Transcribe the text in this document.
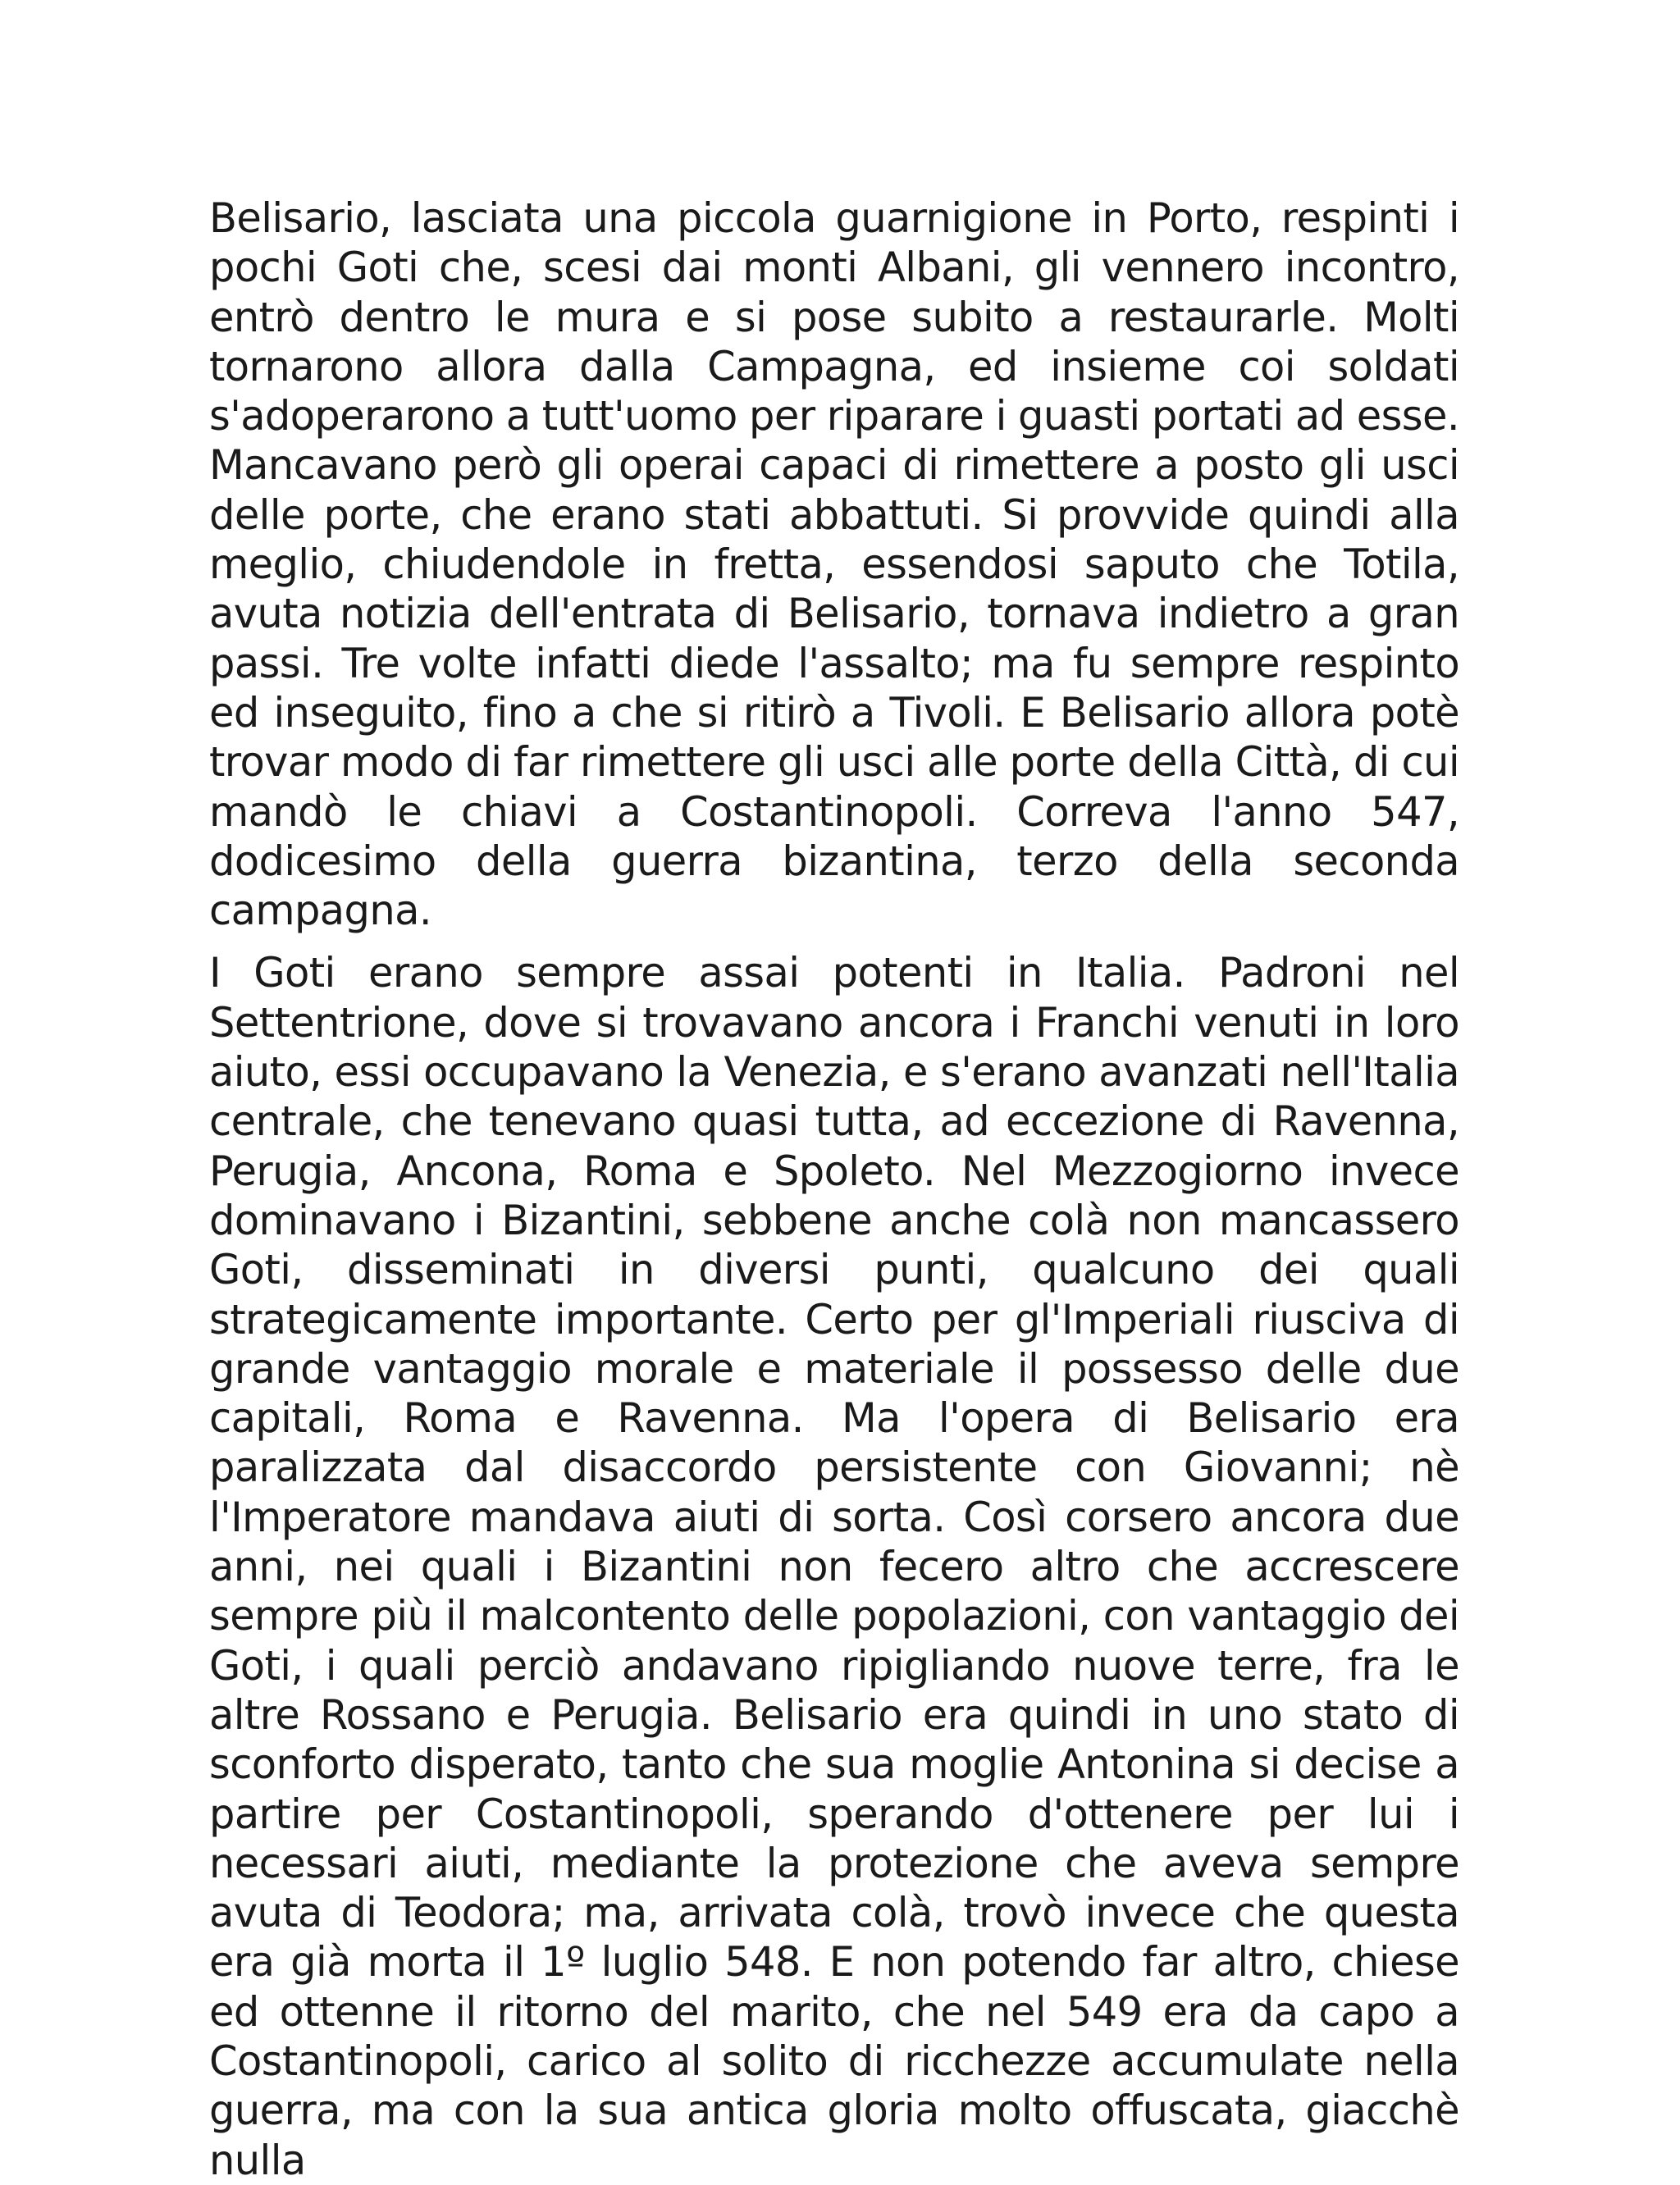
Belisario, lasciata una piccola guarnigione in Porto, respinti i pochi Goti che, scesi dai monti Albani, gli vennero incontro, entrò dentro le mura e si pose subito a restaurarle. Molti tornarono allora dalla Campagna, ed insieme coi soldati s'adoperarono a tutt'uomo per riparare i guasti portati ad esse. Mancavano però gli operai capaci di rimettere a posto gli usci delle porte, che erano stati abbattuti. Si provvide quindi alla meglio, chiudendole in fretta, essendosi saputo che Totila, avuta notizia dell'entrata di Belisario, tornava indietro a gran passi. Tre volte infatti diede l'assalto; ma fu sempre respinto ed inseguito, fino a che si ritirò a Tivoli. E Belisario allora potè trovar modo di far rimettere gli usci alle porte della Città, di cui mandò le chiavi a Costantinopoli. Correva l'anno 547, dodicesimo della guerra bizantina, terzo della seconda campagna.

I Goti erano sempre assai potenti in Italia. Padroni nel Settentrione, dove si trovavano ancora i Franchi venuti in loro aiuto, essi occupavano la Venezia, e s'erano avanzati nell'Italia centrale, che tenevano quasi tutta, ad eccezione di Ravenna, Perugia, Ancona, Roma e Spoleto. Nel Mezzogiorno invece dominavano i Bizantini, sebbene anche colà non mancassero Goti, disseminati in diversi punti, qualcuno dei quali strategicamente importante. Certo per gl'Imperiali riusciva di grande vantaggio morale e materiale il possesso delle due capitali, Roma e Ravenna. Ma l'opera di Belisario era paralizzata dal disaccordo persistente con Giovanni; nè l'Imperatore mandava aiuti di sorta. Così corsero ancora due anni, nei quali i Bizantini non fecero altro che accrescere sempre più il malcontento delle popolazioni, con vantaggio dei Goti, i quali perciò andavano ripigliando nuove terre, fra le altre Rossano e Perugia. Belisario era quindi in uno stato di sconforto disperato, tanto che sua moglie Antonina si decise a partire per Costantinopoli, sperando d'ottenere per lui i necessari aiuti, mediante la protezione che aveva sempre avuta di Teodora; ma, arrivata colà, trovò invece che questa era già morta il 1º luglio 548. E non potendo far altro, chiese ed ottenne il ritorno del marito, che nel 549 era da capo a Costantinopoli, carico al solito di ricchezze accumulate nella guerra, ma con la sua antica gloria molto offuscata, giacchè nulla
